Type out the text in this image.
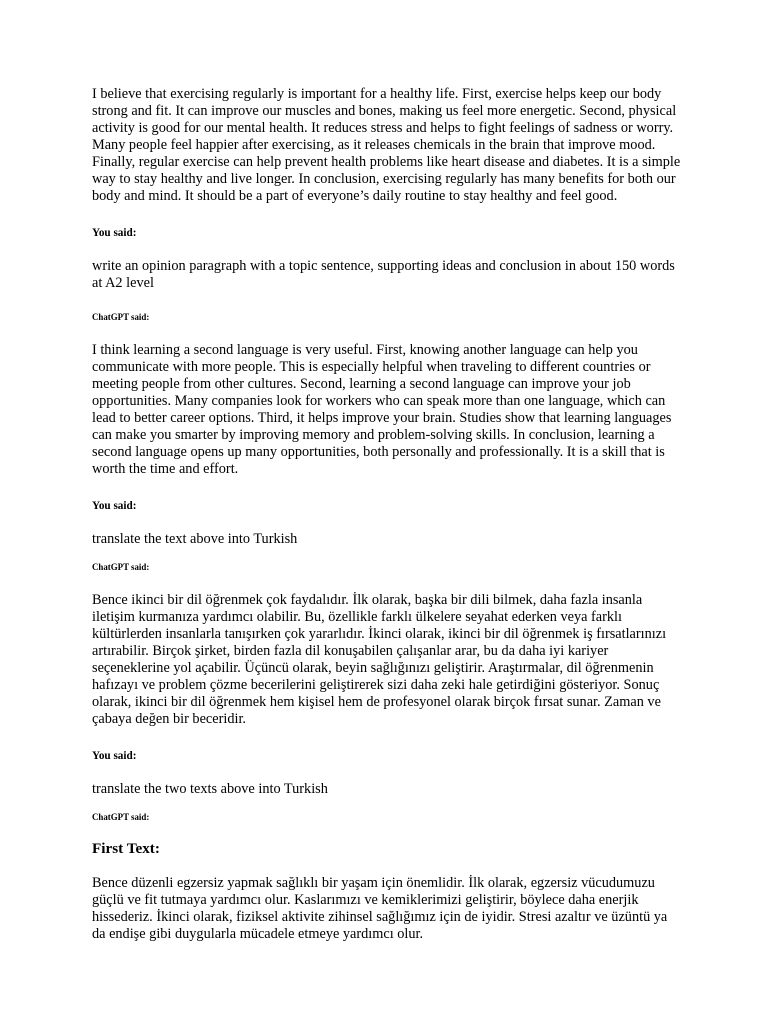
I believe that exercising regularly is important for a healthy life. First, exercise helps keep our body strong and fit. It can improve our muscles and bones, making us feel more energetic. Second, physical activity is good for our mental health. It reduces stress and helps to fight feelings of sadness or worry. Many people feel happier after exercising, as it releases chemicals in the brain that improve mood. Finally, regular exercise can help prevent health problems like heart disease and diabetes. It is a simple way to stay healthy and live longer. In conclusion, exercising regularly has many benefits for both our body and mind. It should be a part of everyone’s daily routine to stay healthy and feel good.

You said:

write an opinion paragraph with a topic sentence, supporting ideas and conclusion in about 150 words at A2 level

ChatGPT said:

I think learning a second language is very useful. First, knowing another language can help you communicate with more people. This is especially helpful when traveling to different countries or meeting people from other cultures. Second, learning a second language can improve your job opportunities. Many companies look for workers who can speak more than one language, which can lead to better career options. Third, it helps improve your brain. Studies show that learning languages can make you smarter by improving memory and problem-solving skills. In conclusion, learning a second language opens up many opportunities, both personally and professionally. It is a skill that is worth the time and effort.

You said:

translate the text above into Turkish

ChatGPT said:

Bence ikinci bir dil öğrenmek çok faydalıdır. İlk olarak, başka bir dili bilmek, daha fazla insanla iletişim kurmanıza yardımcı olabilir. Bu, özellikle farklı ülkelere seyahat ederken veya farklı kültürlerden insanlarla tanışırken çok yararlıdır. İkinci olarak, ikinci bir dil öğrenmek iş fırsatlarınızı artırabilir. Birçok şirket, birden fazla dil konuşabilen çalışanlar arar, bu da daha iyi kariyer seçeneklerine yol açabilir. Üçüncü olarak, beyin sağlığınızı geliştirir. Araştırmalar, dil öğrenmenin hafızayı ve problem çözme becerilerini geliştirerek sizi daha zeki hale getirdiğini gösteriyor. Sonuç olarak, ikinci bir dil öğrenmek hem kişisel hem de profesyonel olarak birçok fırsat sunar. Zaman ve çabaya değen bir beceridir.

You said:

translate the two texts above into Turkish

ChatGPT said:

First Text:

Bence düzenli egzersiz yapmak sağlıklı bir yaşam için önemlidir. İlk olarak, egzersiz vücudumuzu güçlü ve fit tutmaya yardımcı olur. Kaslarımızı ve kemiklerimizi geliştirir, böylece daha enerjik hissederiz. İkinci olarak, fiziksel aktivite zihinsel sağlığımız için de iyidir. Stresi azaltır ve üzüntü ya da endişe gibi duygularla mücadele etmeye yardımcı olur.
